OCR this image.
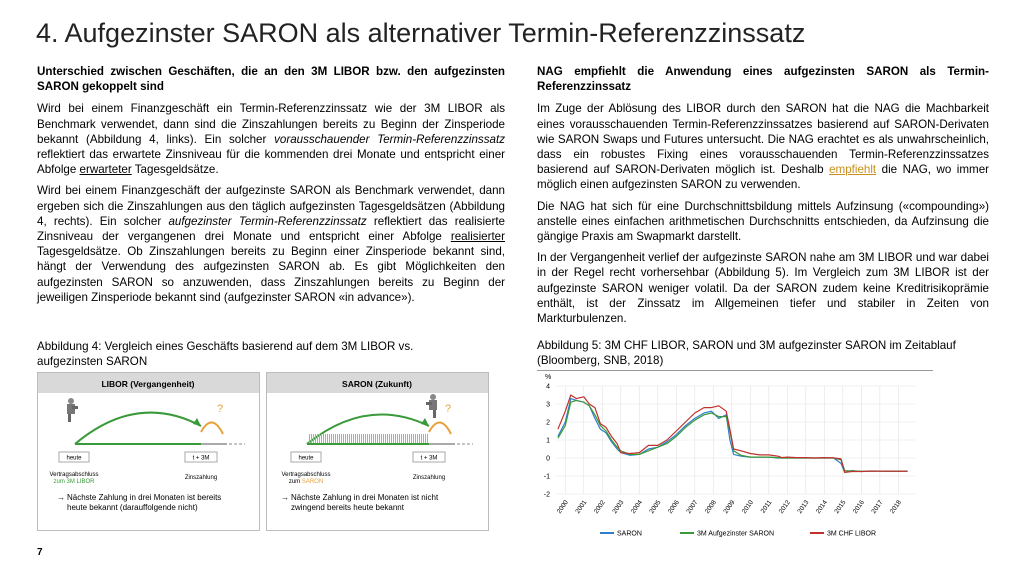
4. Aufgezinster SARON als alternativer Termin-Referenzzinssatz
Unterschied zwischen Geschäften, die an den 3M LIBOR bzw. den aufgezinsten SARON gekoppelt sind

Wird bei einem Finanzgeschäft ein Termin-Referenzzinssatz wie der 3M LIBOR als Benchmark verwendet, dann sind die Zinszahlungen bereits zu Beginn der Zinsperiode bekannt (Abbildung 4, links). Ein solcher vorausschauender Termin-Referenzzinssatz reflektiert das erwartete Zinsniveau für die kommenden drei Monate und entspricht einer Abfolge erwarteter Tagesgeldsätze.

Wird bei einem Finanzgeschäft der aufgezinste SARON als Benchmark verwendet, dann ergeben sich die Zinszahlungen aus den täglich aufgezinsten Tagesgeldsätzen (Abbildung 4, rechts). Ein solcher aufgezinster Termin-Referenzzinssatz reflektiert das realisierte Zinsniveau der vergangenen drei Monate und entspricht einer Abfolge realisierter Tagesgeldsätze. Ob Zinszahlungen bereits zu Beginn einer Zinsperiode bekannt sind, hängt der Verwendung des aufgezinsten SARON ab. Es gibt Möglichkeiten den aufgezinsten SARON so anzuwenden, dass Zinszahlungen bereits zu Beginn der jeweiligen Zinsperiode bekannt sind (aufgezinster SARON «in advance»).

Abbildung 4: Vergleich eines Geschäfts basierend auf dem 3M LIBOR vs. aufgezinsten SARON
NAG empfiehlt die Anwendung eines aufgezinsten SARON als Termin-Referenzzinssatz

Im Zuge der Ablösung des LIBOR durch den SARON hat die NAG die Machbarkeit eines vorausschauenden Termin-Referenzzinssatzes basierend auf SARON-Derivaten wie SARON Swaps und Futures untersucht. Die NAG erachtet es als unwahrscheinlich, dass ein robustes Fixing eines vorausschauenden Termin-Referenzzinssatzes basierend auf SARON-Derivaten möglich ist. Deshalb empfiehlt die NAG, wo immer möglich einen aufgezinsten SARON zu verwenden.

Die NAG hat sich für eine Durchschnittsbildung mittels Aufzinsung («compounding») anstelle eines einfachen arithmetischen Durchschnitts entschieden, da Aufzinsung die gängige Praxis am Swapmarkt darstellt.

In der Vergangenheit verlief der aufgezinste SARON nahe am 3M LIBOR und war dabei in der Regel recht vorhersehbar (Abbildung 5). Im Vergleich zum 3M LIBOR ist der aufgezinste SARON weniger volatil. Da der SARON zudem keine Kreditrisikoprämie enthält, ist der Zinssatz im Allgemeinen tiefer und stabiler in Zeiten von Markturbulenzen.

Abbildung 5: 3M CHF LIBOR, SARON und 3M aufgezinster SARON im Zeitablauf (Bloomberg, SNB, 2018)
LIBOR (Vergangenheit)	SARON (Zukunft)
?
heute	t + 3M
Vertragsabschluss
zum 3M LIBOR
Zinszahlung
→ Nächste Zahlung in drei Monaten ist bereits
heute bekannt (darauffolgende nicht)
?
heute	t + 3M
Vertragsabschluss
zum SARON
Zinszahlung
→ Nächste Zahlung in drei Monaten ist nicht
zwingend bereits heute bekannt
%
4
3
2
1
0
-1
-2
2000 2001 2002 2003 2004 2005 2006 2007 2008 2009 2010 2011 2012 2013 2014 2015 2016 2017 2018
SARON	3M Aufgezinster SARON	3M CHF LIBOR
7
